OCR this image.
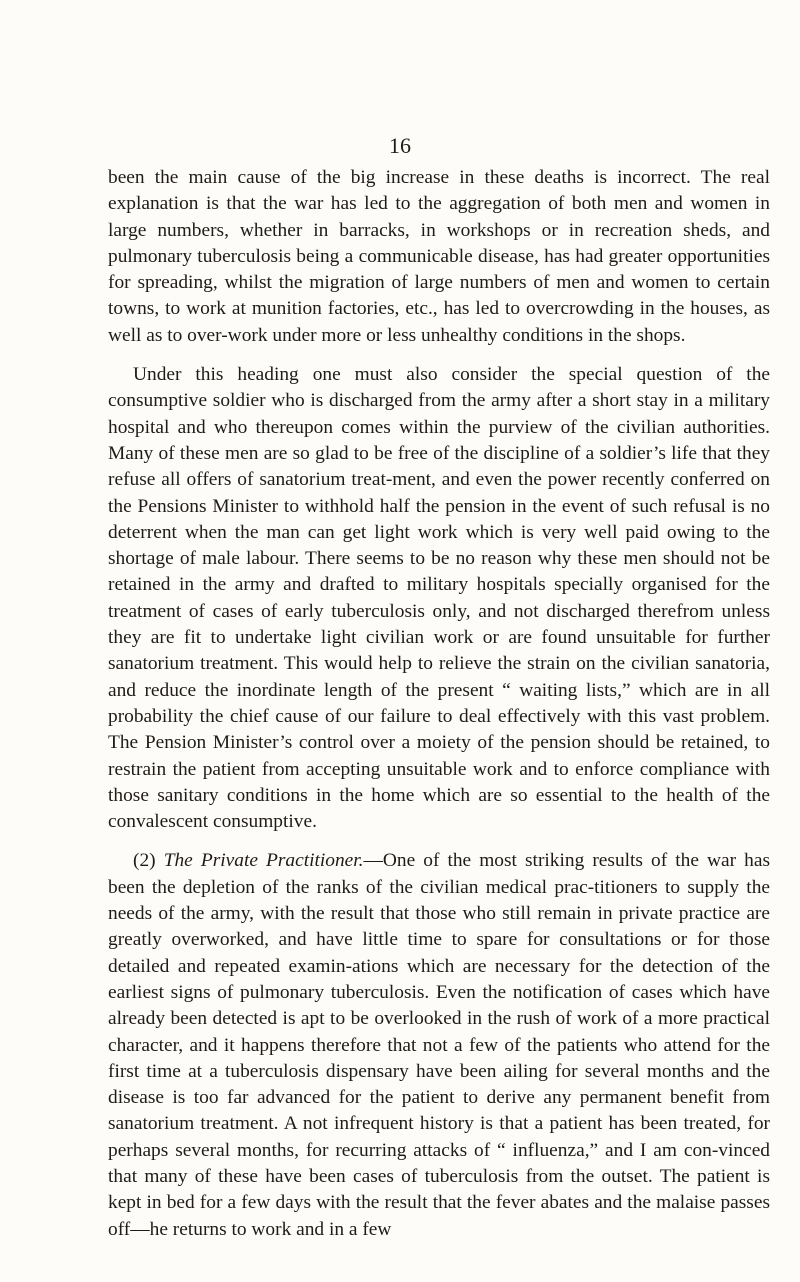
16

been the main cause of the big increase in these deaths is incorrect. The real explanation is that the war has led to the aggregation of both men and women in large numbers, whether in barracks, in workshops or in recreation sheds, and pulmonary tuberculosis being a communicable disease, has had greater opportunities for spreading, whilst the migration of large numbers of men and women to certain towns, to work at munition factories, etc., has led to overcrowding in the houses, as well as to over-work under more or less unhealthy conditions in the shops.

Under this heading one must also consider the special question of the consumptive soldier who is discharged from the army after a short stay in a military hospital and who thereupon comes within the purview of the civilian authorities. Many of these men are so glad to be free of the discipline of a soldier’s life that they refuse all offers of sanatorium treat-ment, and even the power recently conferred on the Pensions Minister to withhold half the pension in the event of such refusal is no deterrent when the man can get light work which is very well paid owing to the shortage of male labour. There seems to be no reason why these men should not be retained in the army and drafted to military hospitals specially organised for the treatment of cases of early tuberculosis only, and not discharged therefrom unless they are fit to undertake light civilian work or are found unsuitable for further sanatorium treatment. This would help to relieve the strain on the civilian sanatoria, and reduce the inordinate length of the present “ waiting lists,” which are in all probability the chief cause of our failure to deal effectively with this vast problem. The Pension Minister’s control over a moiety of the pension should be retained, to restrain the patient from accepting unsuitable work and to enforce compliance with those sanitary conditions in the home which are so essential to the health of the convalescent consumptive.

(2) The Private Practitioner.—One of the most striking results of the war has been the depletion of the ranks of the civilian medical prac-titioners to supply the needs of the army, with the result that those who still remain in private practice are greatly overworked, and have little time to spare for consultations or for those detailed and repeated examin-ations which are necessary for the detection of the earliest signs of pulmonary tuberculosis. Even the notification of cases which have already been detected is apt to be overlooked in the rush of work of a more practical character, and it happens therefore that not a few of the patients who attend for the first time at a tuberculosis dispensary have been ailing for several months and the disease is too far advanced for the patient to derive any permanent benefit from sanatorium treatment. A not infrequent history is that a patient has been treated, for perhaps several months, for recurring attacks of “ influenza,” and I am con-vinced that many of these have been cases of tuberculosis from the outset. The patient is kept in bed for a few days with the result that the fever abates and the malaise passes off—he returns to work and in a few
